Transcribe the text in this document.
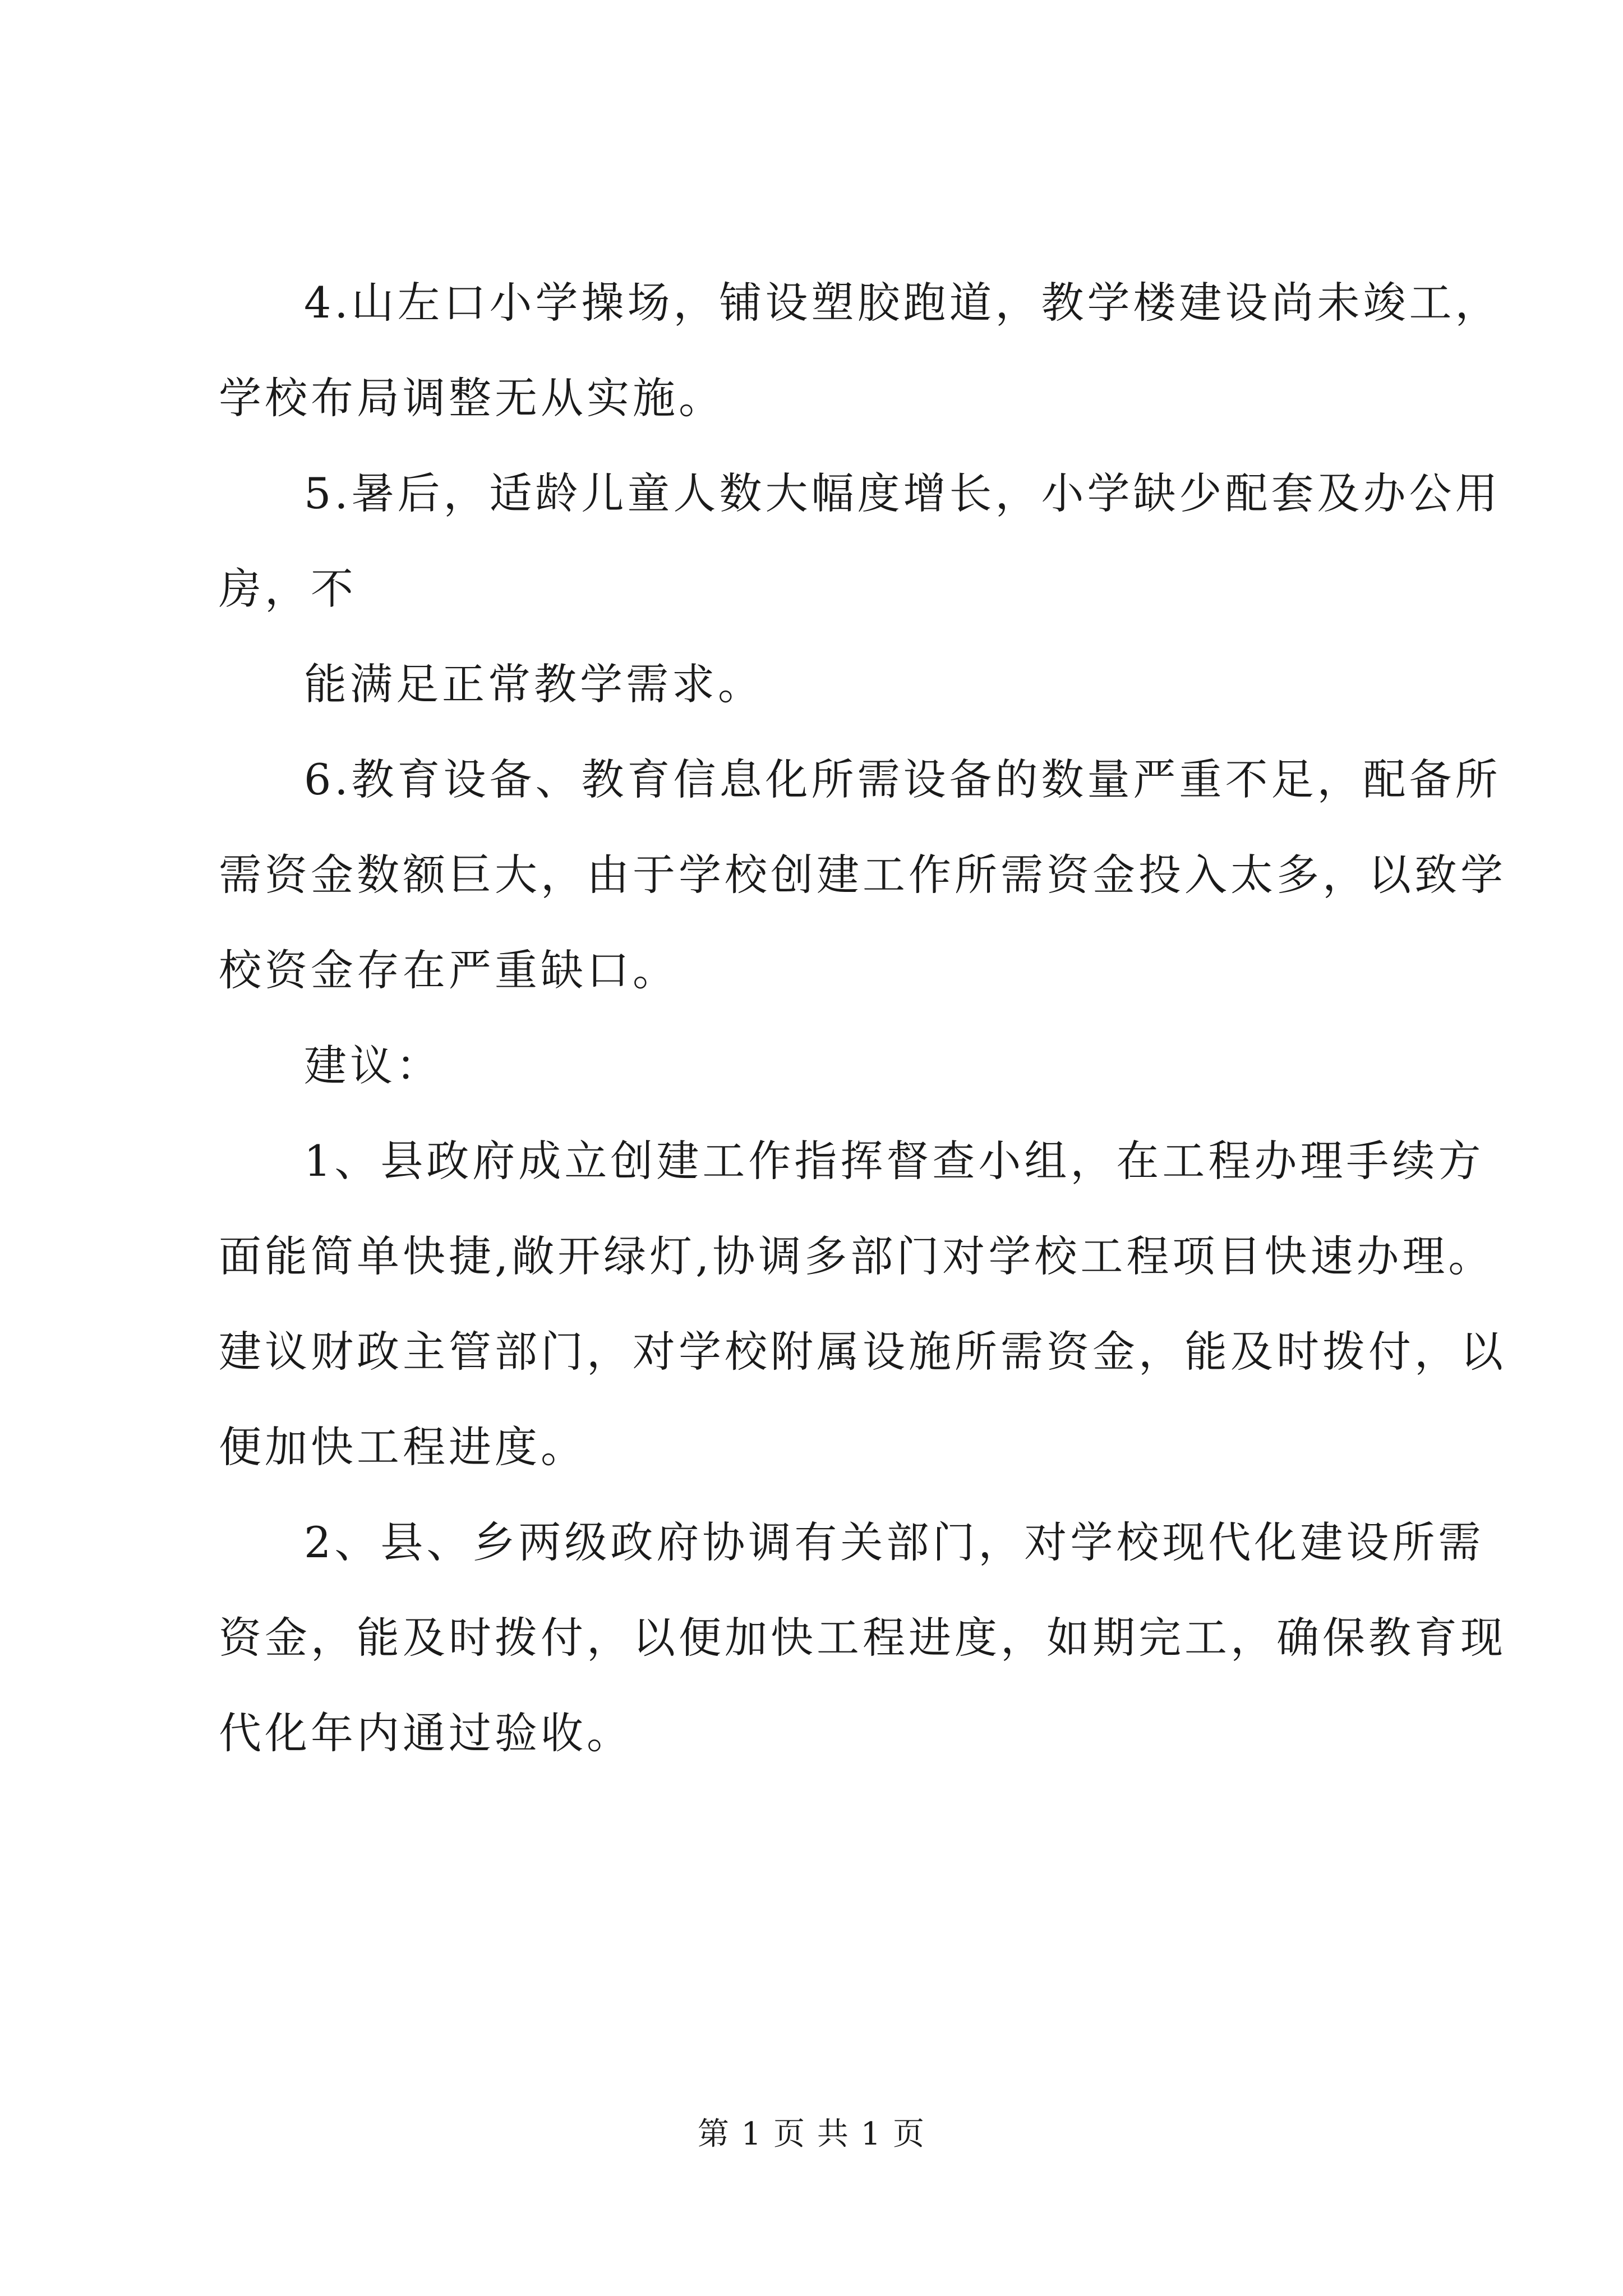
4.山左口小学操场，铺设塑胶跑道，教学楼建设尚未竣工，
学校布局调整无从实施。
5.暑后，适龄儿童人数大幅度增长，小学缺少配套及办公用
房，不
能满足正常教学需求。
6.教育设备、教育信息化所需设备的数量严重不足，配备所
需资金数额巨大，由于学校创建工作所需资金投入太多，以致学
校资金存在严重缺口。
建议：
1、县政府成立创建工作指挥督查小组，在工程办理手续方
面能简单快捷,敞开绿灯,协调多部门对学校工程项目快速办理。
建议财政主管部门，对学校附属设施所需资金，能及时拨付，以
便加快工程进度。
2、县、乡两级政府协调有关部门，对学校现代化建设所需
资金，能及时拨付，以便加快工程进度，如期完工，确保教育现
代化年内通过验收。
第 1 页 共 1 页
